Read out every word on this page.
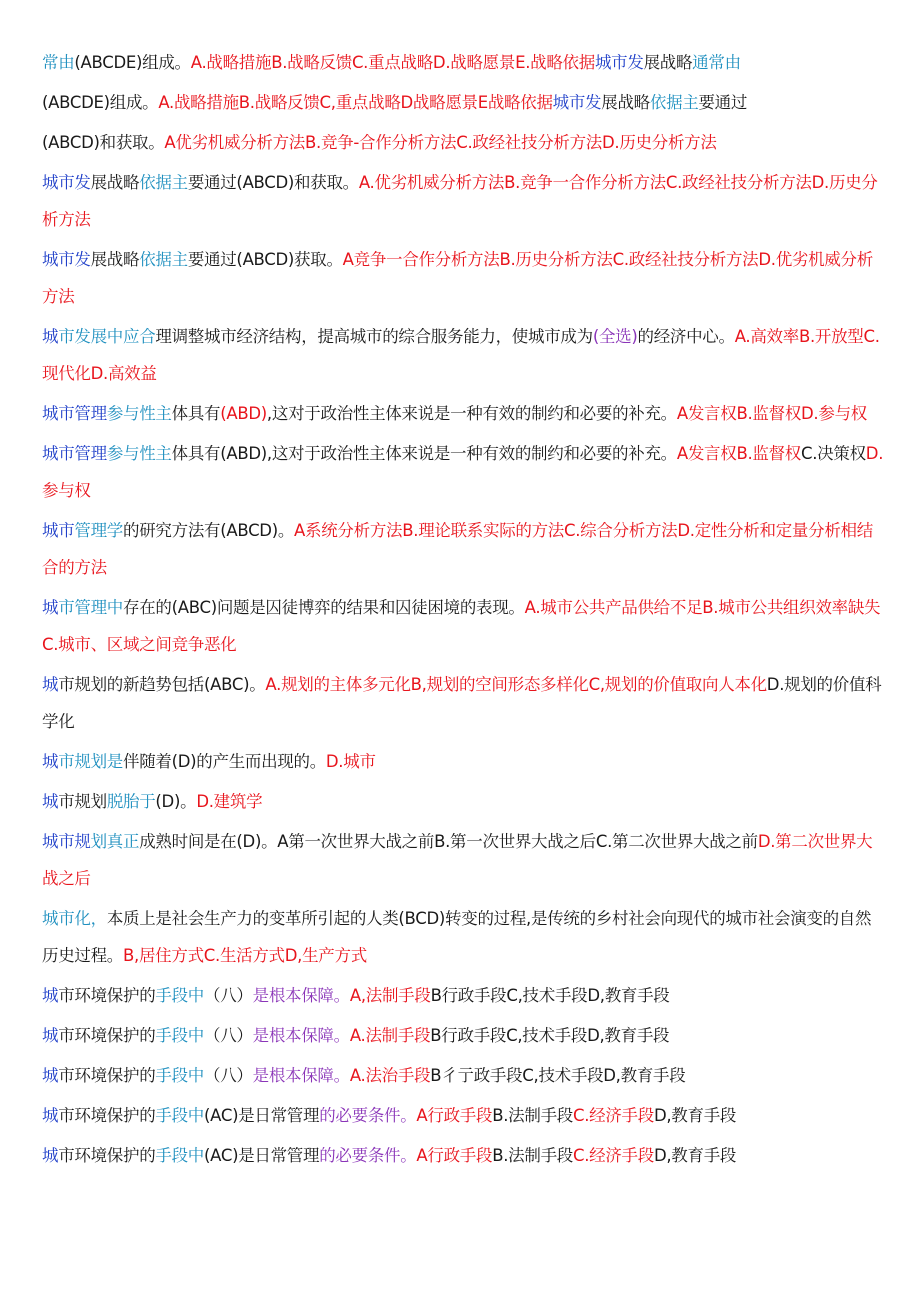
常由(ABCDE)组成。A.战略措施B.战略反馈C.重点战略D.战略愿景E.战略依据城市发展战略通常由

(ABCDE)组成。A.战略措施B.战略反馈C,重点战略D战略愿景E战略依据城市发展战略依据主要通过

(ABCD)和获取。A优劣机威分析方法B.竞争-合作分析方法C.政经社技分析方法D.历史分析方法

城市发展战略依据主要通过(ABCD)和获取。A.优劣机威分析方法B.竞争一合作分析方法C.政经社技分析方法D.历史分析方法

城市发展战略依据主要通过(ABCD)获取。A竞争一合作分析方法B.历史分析方法C.政经社技分析方法D.优劣机威分析方法

城市发展中应合理调整城市经济结构，提高城市的综合服务能力，使城市成为(全选)的经济中心。A.高效率B.开放型C.现代化D.高效益

城市管理参与性主体具有(ABD),这对于政治性主体来说是一种有效的制约和必要的补充。A发言权B.监督权D.参与权

城市管理参与性主体具有(ABD),这对于政治性主体来说是一种有效的制约和必要的补充。A发言权B.监督权C.决策权D.参与权

城市管理学的研究方法有(ABCD)。A系统分析方法B.理论联系实际的方法C.综合分析方法D.定性分析和定量分析相结合的方法

城市管理中存在的(ABC)问题是囚徒博弈的结果和囚徒困境的表现。A.城市公共产品供给不足B.城市公共组织效率缺失C.城市、区域之间竞争恶化

城市规划的新趋势包括(ABC)。A.规划的主体多元化B,规划的空间形态多样化C,规划的价值取向人本化D.规划的价值科学化

城市规划是伴随着(D)的产生而出现的。D.城市

城市规划脱胎于(D)。D.建筑学

城市规划真正成熟时间是在(D)。A第一次世界大战之前B.第一次世界大战之后C.第二次世界大战之前D.第二次世界大战之后

城市化，本质上是社会生产力的变革所引起的人类(BCD)转变的过程,是传统的乡村社会向现代的城市社会演变的自然历史过程。B,居住方式C.生活方式D,生产方式

城市环境保护的手段中（八）是根本保障。A,法制手段B行政手段C,技术手段D,教育手段

城市环境保护的手段中（八）是根本保障。A.法制手段B行政手段C,技术手段D,教育手段

城市环境保护的手段中（八）是根本保障。A.法治手段B彳亍政手段C,技术手段D,教育手段

城市环境保护的手段中(AC)是日常管理的必要条件。A行政手段B.法制手段C.经济手段D,教育手段

城市环境保护的手段中(AC)是日常管理的必要条件。A行政手段B.法制手段C.经济手段D,教育手段
